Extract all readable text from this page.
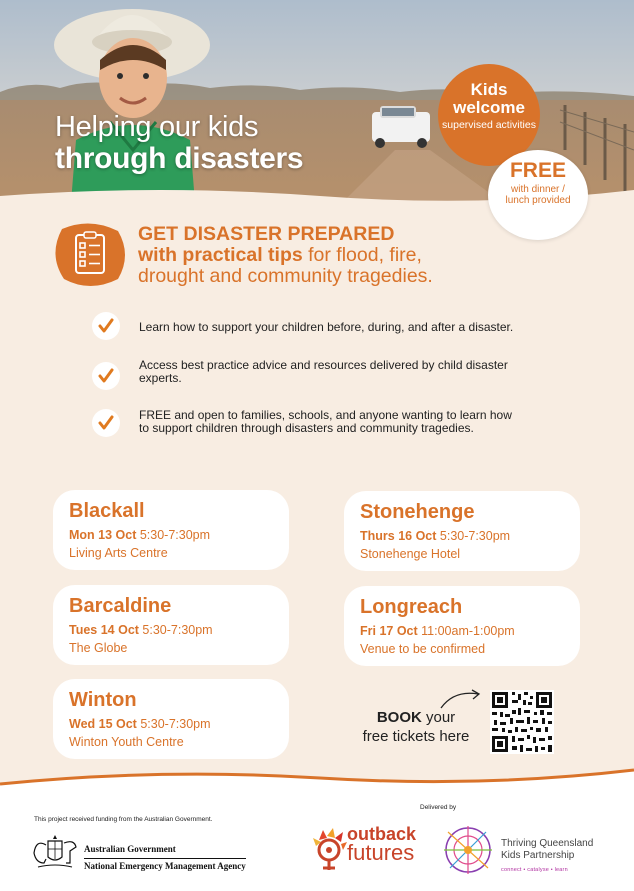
Helping our kids
through disasters
Kids welcome
supervised activities
FREE
with dinner / lunch provided
GET DISASTER PREPARED
with practical tips for flood, fire,
drought and community tragedies.
Learn how to support your children before, during, and after a disaster.
Access best practice advice and resources delivered by child disaster experts.
FREE and open to families, schools, and anyone wanting to learn how to support children through disasters and community tragedies.
Blackall
Mon 13 Oct 5:30-7:30pm
Living Arts Centre
Stonehenge
Thurs 16 Oct 5:30-7:30pm
Stonehenge Hotel
Barcaldine
Tues 14 Oct 5:30-7:30pm
The Globe
Longreach
Fri 17 Oct 11:00am-1:00pm
Venue to be confirmed
Winton
Wed 15 Oct 5:30-7:30pm
Winton Youth Centre
BOOK your
free tickets here
This project received funding from the Australian Government.
Australian Government
National Emergency Management Agency
Delivered by
outback
futures	Thriving Queensland
Kids Partnership
connect • catalyse • learn
